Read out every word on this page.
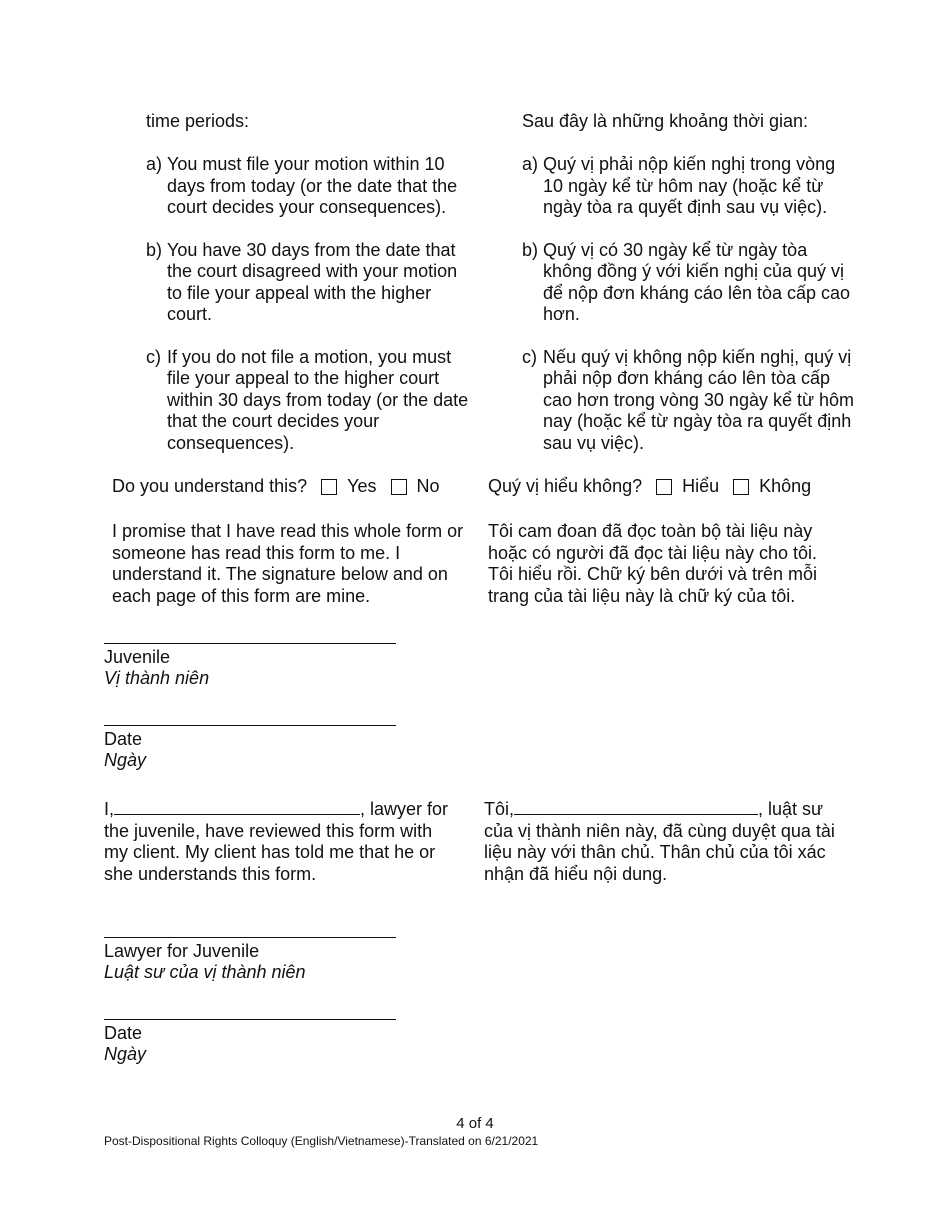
time periods:

a) You must file your motion within 10 days from today (or the date that the court decides your consequences).
b) You have 30 days from the date that the court disagreed with your motion to file your appeal with the higher court.
c) If you do not file a motion, you must file your appeal to the higher court within 30 days from today (or the date that the court decides your consequences).

Sau đây là những khoảng thời gian:

a) Quý vị phải nộp kiến nghị trong vòng 10 ngày kể từ hôm nay (hoặc kể từ ngày tòa ra quyết định sau vụ việc).
b) Quý vị có 30 ngày kể từ ngày tòa không đồng ý với kiến nghị của quý vị để nộp đơn kháng cáo lên tòa cấp cao hơn.
c) Nếu quý vị không nộp kiến nghị, quý vị phải nộp đơn kháng cáo lên tòa cấp cao hơn trong vòng 30 ngày kể từ hôm nay (hoặc kể từ ngày tòa ra quyết định sau vụ việc).
Do you understand this? Yes No	Quý vị hiểu không? Hiểu Không

I promise that I have read this whole form or someone has read this form to me. I understand it. The signature below and on each page of this form are mine.

Tôi cam đoan đã đọc toàn bộ tài liệu này hoặc có người đã đọc tài liệu này cho tôi. Tôi hiểu rồi. Chữ ký bên dưới và trên mỗi trang của tài liệu này là chữ ký của tôi.

Juvenile
Vị thành niên
Date
Ngày
I,	, lawyer for the juvenile, have reviewed this form with my client. My client has told me that he or she understands this form.
Tôi,	, luật sư của vị thành niên này, đã cùng duyệt qua tài liệu này với thân chủ. Thân chủ của tôi xác nhận đã hiểu nội dung.
Lawyer for Juvenile
Luật sư của vị thành niên
Date
Ngày
4 of 4
Post-Dispositional Rights Colloquy (English/Vietnamese)-Translated on 6/21/2021
